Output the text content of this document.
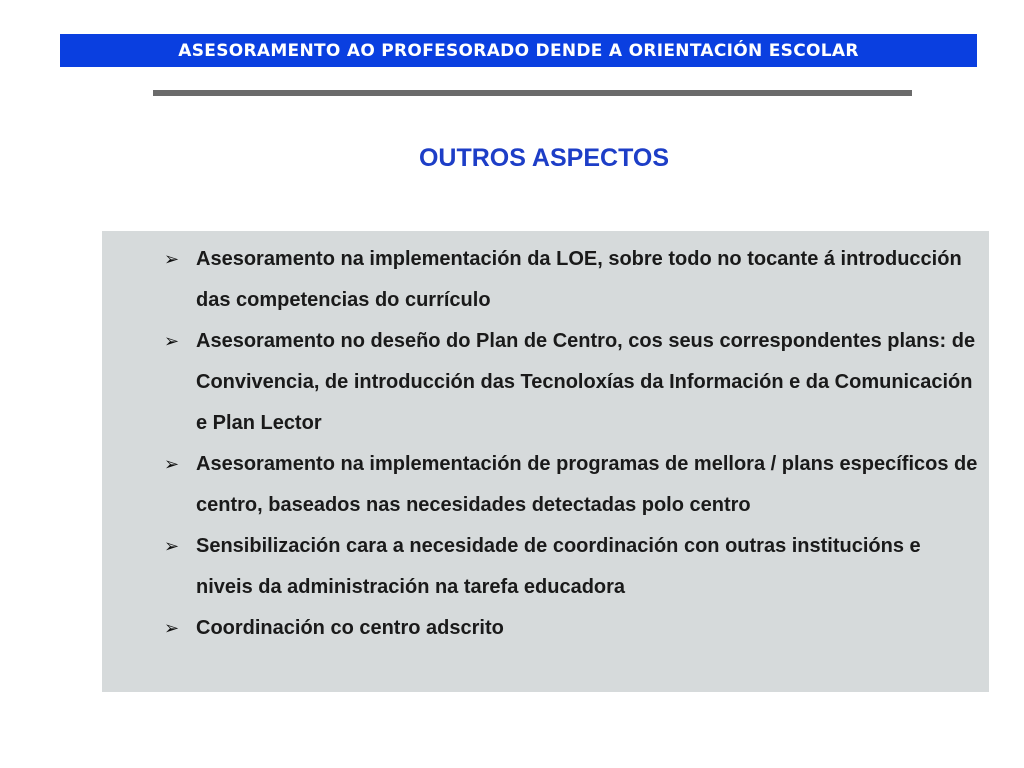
ASESORAMENTO AO PROFESORADO DENDE A ORIENTACIÓN ESCOLAR
OUTROS ASPECTOS
➢ Asesoramento na implementación da LOE, sobre todo no tocante á introducción das competencias do currículo
➢ Asesoramento no deseño do Plan de Centro, cos seus correspondentes plans: de Convivencia, de introducción das Tecnoloxías da Información e da Comunicación e Plan Lector
➢ Asesoramento na implementación de programas de mellora / plans específicos de centro, baseados nas necesidades detectadas polo centro
➢ Sensibilización cara a necesidade de coordinación con outras institucións e niveis da administración na tarefa educadora
➢ Coordinación co centro adscrito
